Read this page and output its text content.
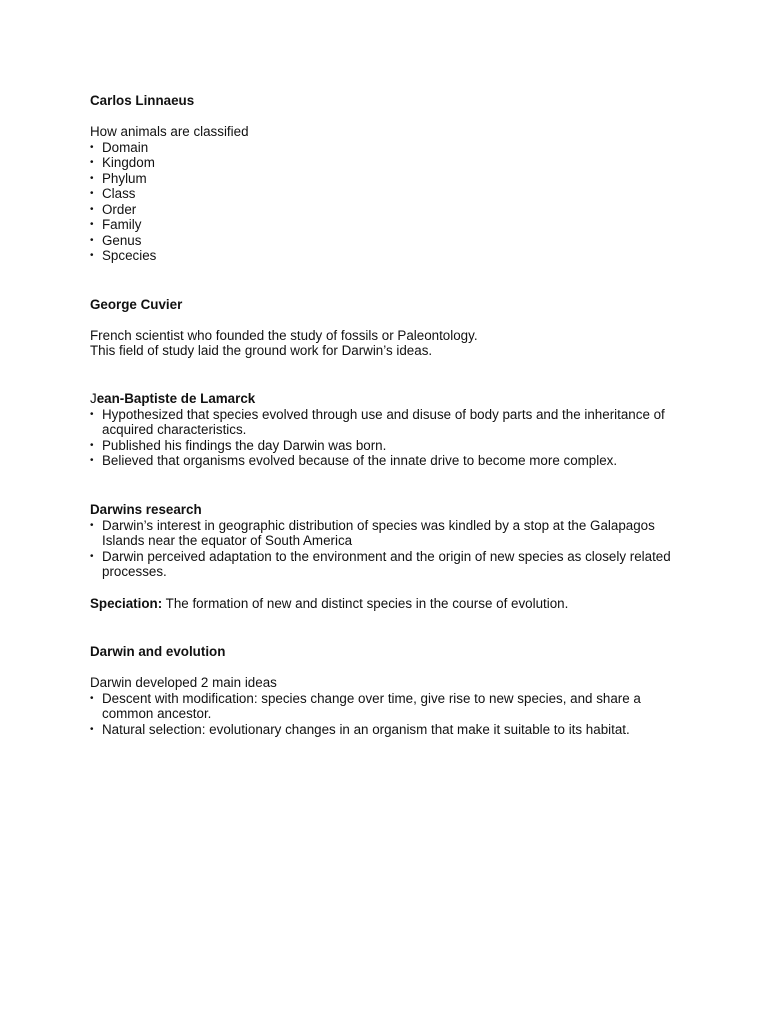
Carlos Linnaeus

How animals are classified

• Domain
• Kingdom
• Phylum
• Class
• Order
• Family
• Genus
• Spcecies

George Cuvier

French scientist who founded the study of fossils or Paleontology.

This field of study laid the ground work for Darwin’s ideas.

Jean-Baptiste de Lamarck

• Hypothesized that species evolved through use and disuse of body parts and the inheritance of acquired characteristics.
• Published his findings the day Darwin was born.
• Believed that organisms evolved because of the innate drive to become more complex.

Darwins research

• Darwin’s interest in geographic distribution of species was kindled by a stop at the Galapagos Islands near the equator of South America
• Darwin perceived adaptation to the environment and the origin of new species as closely related processes.

Speciation: The formation of new and distinct species in the course of evolution.

Darwin and evolution

Darwin developed 2 main ideas

• Descent with modification: species change over time, give rise to new species, and share a common ancestor.
• Natural selection: evolutionary changes in an organism that make it suitable to its habitat.
